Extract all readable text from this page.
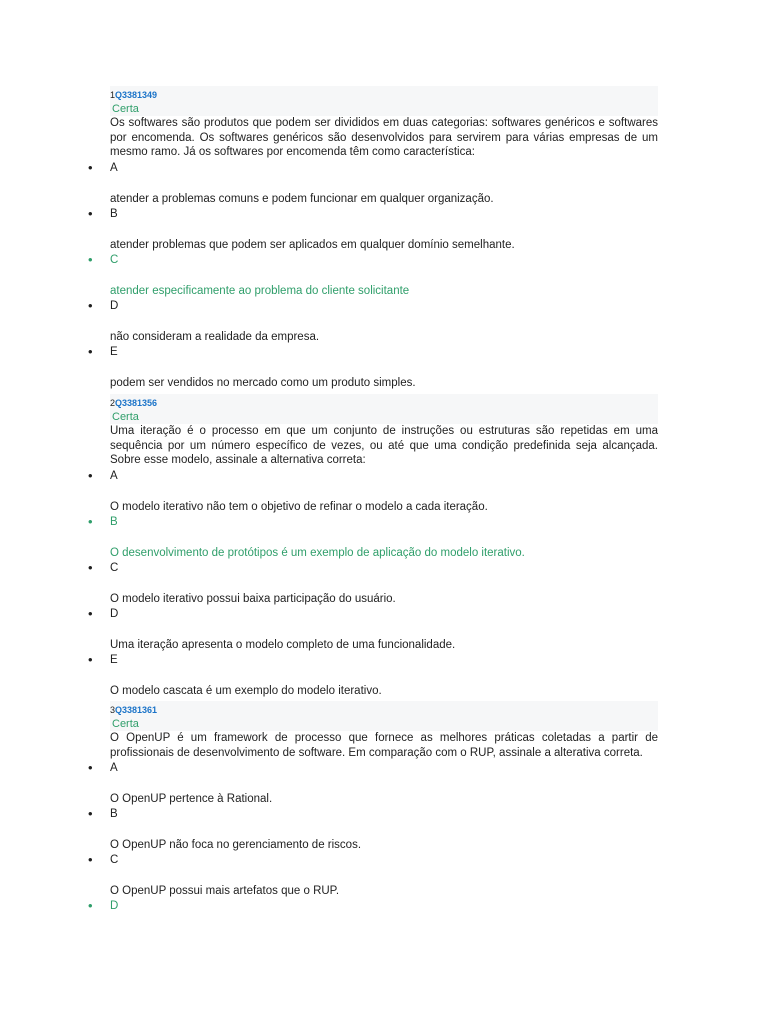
1Q3381349
Certa

Os softwares são produtos que podem ser divididos em duas categorias: softwares genéricos e softwares por encomenda. Os softwares genéricos são desenvolvidos para servirem para várias empresas de um mesmo ramo. Já os softwares por encomenda têm como característica:

• A
atender a problemas comuns e podem funcionar em qualquer organização.
• B
atender problemas que podem ser aplicados em qualquer domínio semelhante.
• C
atender especificamente ao problema do cliente solicitante
• D
não consideram a realidade da empresa.
• E
podem ser vendidos no mercado como um produto simples.
2Q3381356
Certa

Uma iteração é o processo em que um conjunto de instruções ou estruturas são repetidas em uma sequência por um número específico de vezes, ou até que uma condição predefinida seja alcançada. Sobre esse modelo, assinale a alternativa correta:

• A
O modelo iterativo não tem o objetivo de refinar o modelo a cada iteração.
• B
O desenvolvimento de protótipos é um exemplo de aplicação do modelo iterativo.
• C
O modelo iterativo possui baixa participação do usuário.
• D
Uma iteração apresenta o modelo completo de uma funcionalidade.
• E
O modelo cascata é um exemplo do modelo iterativo.
3Q3381361
Certa

O OpenUP é um framework de processo que fornece as melhores práticas coletadas a partir de profissionais de desenvolvimento de software. Em comparação com o RUP, assinale a alterativa correta.

• A
O OpenUP pertence à Rational.
• B
O OpenUP não foca no gerenciamento de riscos.
• C
O OpenUP possui mais artefatos que o RUP.
• D
